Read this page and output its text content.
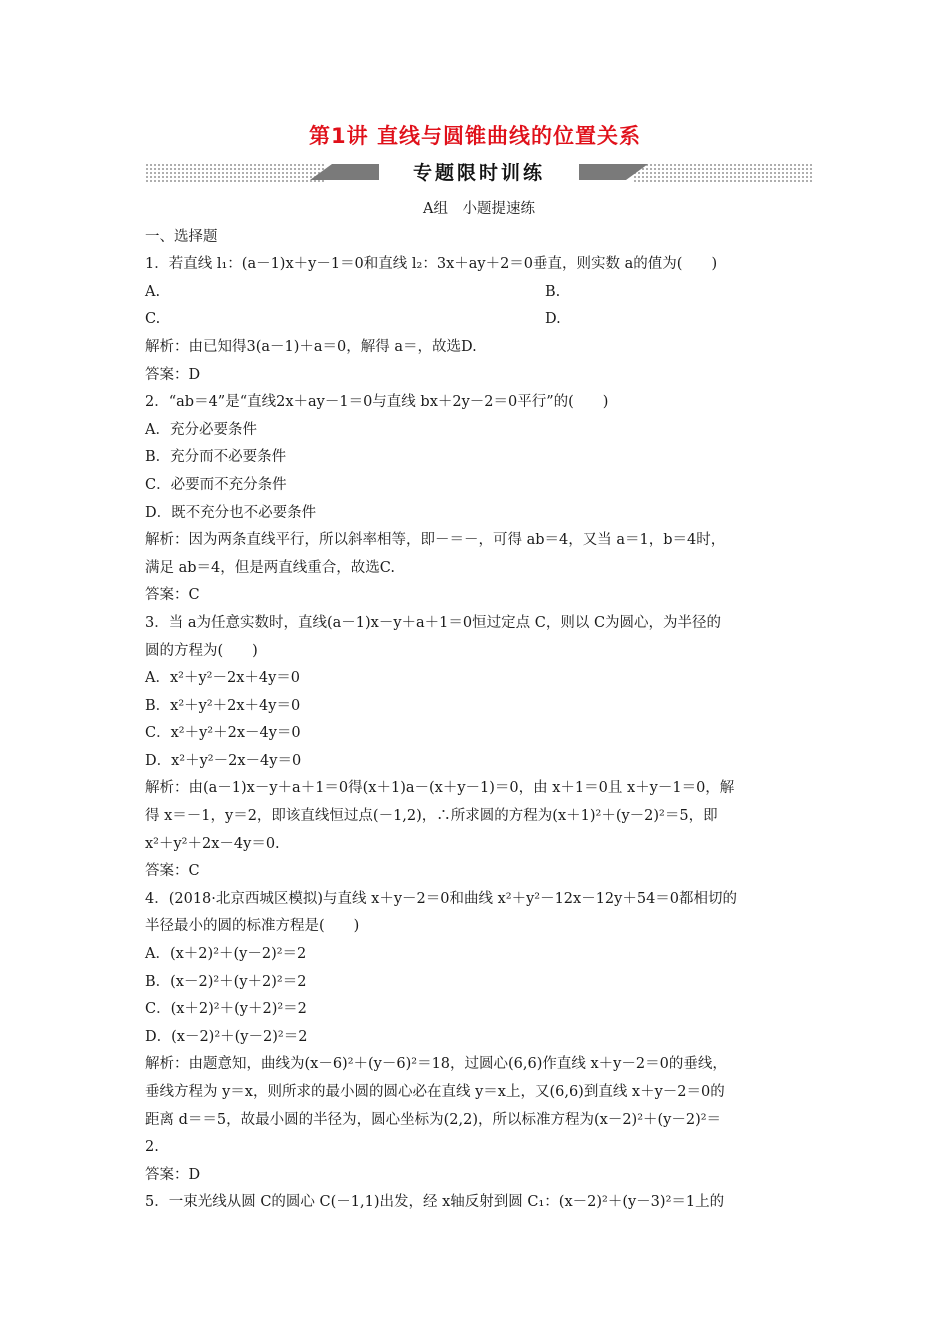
第1讲 直线与圆锥曲线的位置关系
专题限时训练
A组　小题提速练
一、选择题
1．若直线 l₁：(a－1)x＋y－1＝0和直线 l₂：3x＋ay＋2＝0垂直，则实数 a的值为(　　)
A.	B.
C.	D.
解析：由已知得3(a－1)＋a＝0，解得 a＝，故选D.
答案：D
2．“ab＝4”是“直线2x＋ay－1＝0与直线 bx＋2y－2＝0平行”的(　　)
A．充分必要条件
B．充分而不必要条件
C．必要而不充分条件
D．既不充分也不必要条件
解析：因为两条直线平行，所以斜率相等，即－＝－，可得 ab＝4，又当 a＝1，b＝4时，
满足 ab＝4，但是两直线重合，故选C.
答案：C
3．当 a为任意实数时，直线(a－1)x－y＋a＋1＝0恒过定点 C，则以 C为圆心，为半径的
圆的方程为(　　)
A．x²＋y²－2x＋4y＝0
B．x²＋y²＋2x＋4y＝0
C．x²＋y²＋2x－4y＝0
D．x²＋y²－2x－4y＝0
解析：由(a－1)x－y＋a＋1＝0得(x＋1)a－(x＋y－1)＝0，由 x＋1＝0且 x＋y－1＝0，解
得 x＝－1，y＝2，即该直线恒过点(－1,2)，∴所求圆的方程为(x＋1)²＋(y－2)²＝5，即
x²＋y²＋2x－4y＝0.
答案：C
4．(2018·北京西城区模拟)与直线 x＋y－2＝0和曲线 x²＋y²－12x－12y＋54＝0都相切的
半径最小的圆的标准方程是(　　)
A．(x＋2)²＋(y－2)²＝2
B．(x－2)²＋(y＋2)²＝2
C．(x＋2)²＋(y＋2)²＝2
D．(x－2)²＋(y－2)²＝2
解析：由题意知，曲线为(x－6)²＋(y－6)²＝18，过圆心(6,6)作直线 x＋y－2＝0的垂线，
垂线方程为 y＝x，则所求的最小圆的圆心必在直线 y＝x上，又(6,6)到直线 x＋y－2＝0的
距离 d＝＝5，故最小圆的半径为，圆心坐标为(2,2)，所以标准方程为(x－2)²＋(y－2)²＝
2.
答案：D
5．一束光线从圆 C的圆心 C(－1,1)出发，经 x轴反射到圆 C₁：(x－2)²＋(y－3)²＝1上的
